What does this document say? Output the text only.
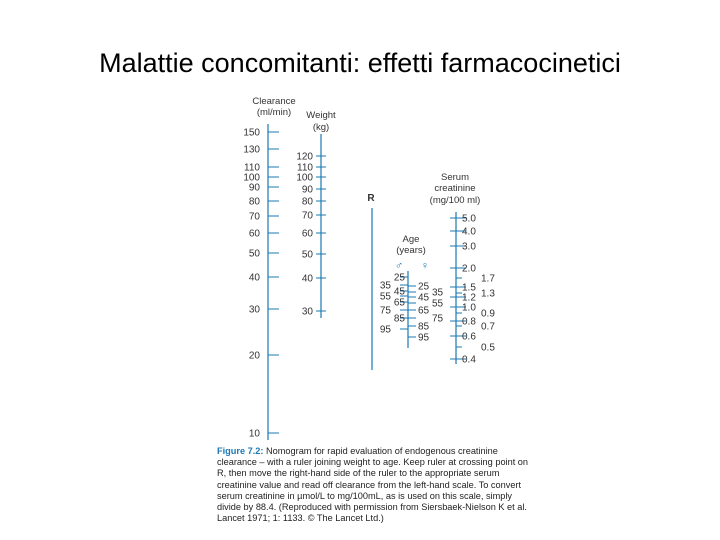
Malattie concomitanti: effetti farmacocinetici
Clearance
(ml/min) Weight
(kg)
Serum
creatinine
(mg/100 ml)
Age
(years)
♂ ♀
R
150
130
110
100
90
80
70
60
50
40
30
20
10
120
110
100
90
80
70
60
50
40
30
25
35
45
55
65
75
85
95
25
35
45
55
65
75
85
95
5.0
4.0
3.0
2.0
1.5
1.2
1.0
0.8
0.6
0.4
1.7
1.3
0.9
0.7
0.5
Figure 7.2: Nomogram for rapid evaluation of endogenous creatinine clearance – with a ruler joining weight to age. Keep ruler at crossing point on R, then move the right-hand side of the ruler to the appropriate serum creatinine value and read off clearance from the left-hand scale. To convert serum creatinine in µmol/L to mg/100mL, as is used on this scale, simply divide by 88.4. (Reproduced with permission from Siersbaek-Nielson K et al. Lancet 1971; 1: 1133. © The Lancet Ltd.)
